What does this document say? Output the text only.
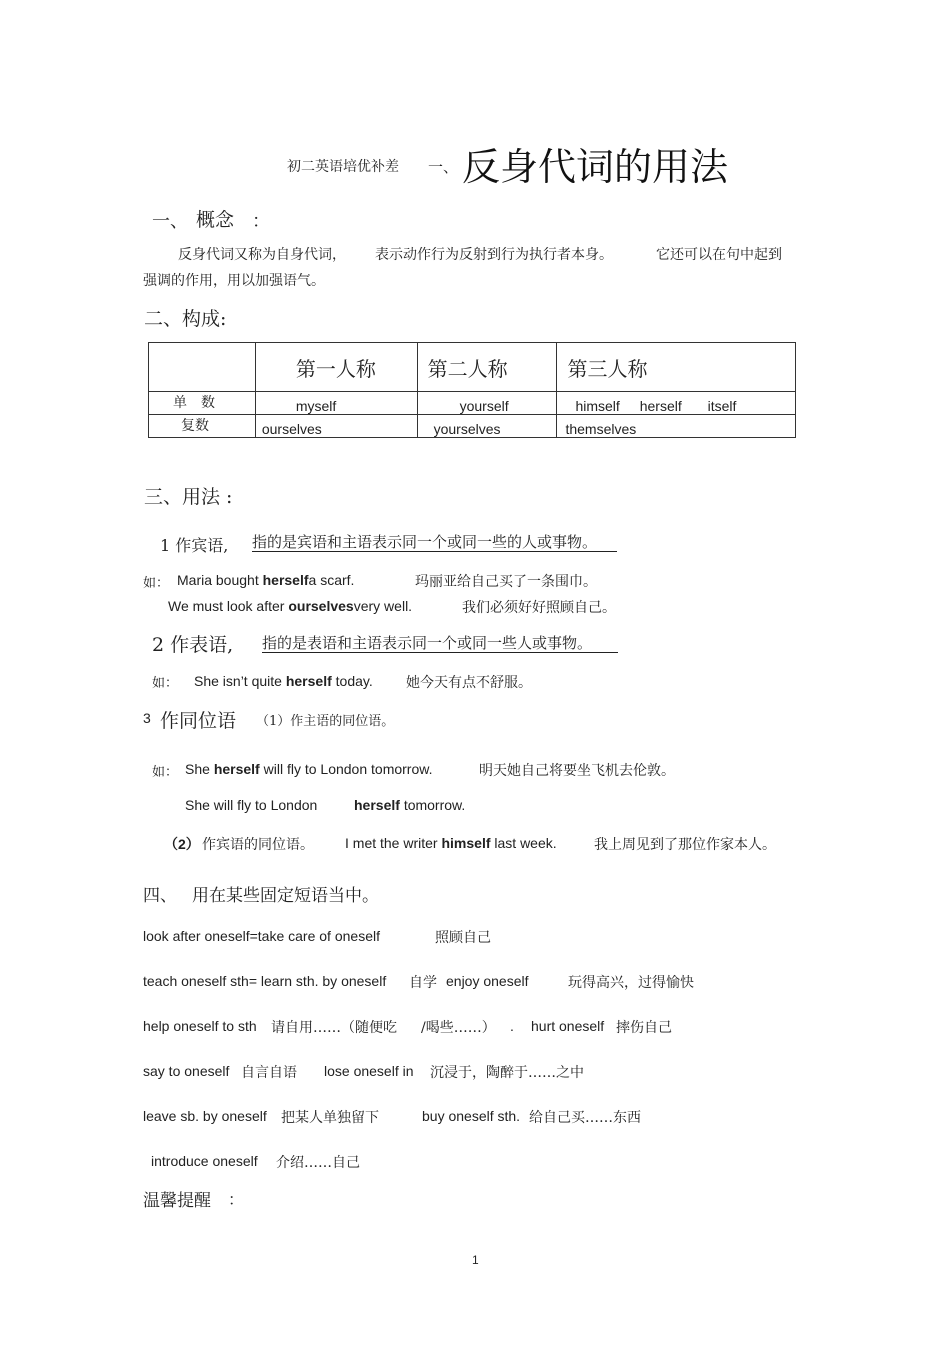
初二英语培优补差 一、 反身代词的用法
一、 概念 ：
反身代词又称为自身代词， 表示动作行为反射到行为执行者本身。	它还可以在句中起到
强调的作用，用以加强语气。
二、构成:
	第一人称	第二人称	第三人称
单　数	myself	yourself	himself herself itself
复数	ourselves	yourselves	themselves
三、用法 :
1 作宾语, 指的是宾语和主语表示同一个或同一些的人或事物。
如： Maria bought herselfa scarf.	玛丽亚给自己买了一条围巾。
We must look after ourselvesvery well.	我们必须好好照顾自己。
2 作表语, 指的是表语和主语表示同一个或同一些人或事物。
如： She isn’t quite herself today. 她今天有点不舒服。
3 作同位语 （1）作主语的同位语。
如： She herself will fly to London tomorrow.	明天她自己将要坐飞机去伦敦。
She will fly to London	herself tomorrow.
（2） 作宾语的同位语。 I met the writer himself last week.	我上周见到了那位作家本人。
四、 用在某些固定短语当中。
look after oneself=take care of oneself	照顾自己
teach oneself sth= learn sth. by oneself 自学 enjoy oneself	玩得高兴，过得愉快
help oneself to sth 请自用……（随便吃 /喝些……） . hurt oneself 摔伤自己
say to oneself 自言自语 lose oneself in 沉浸于，陶醉于……之中
leave sb. by oneself 把某人单独留下	buy oneself sth. 给自己买……东西
introduce oneself 介绍……自己
温馨提醒 ：
1
